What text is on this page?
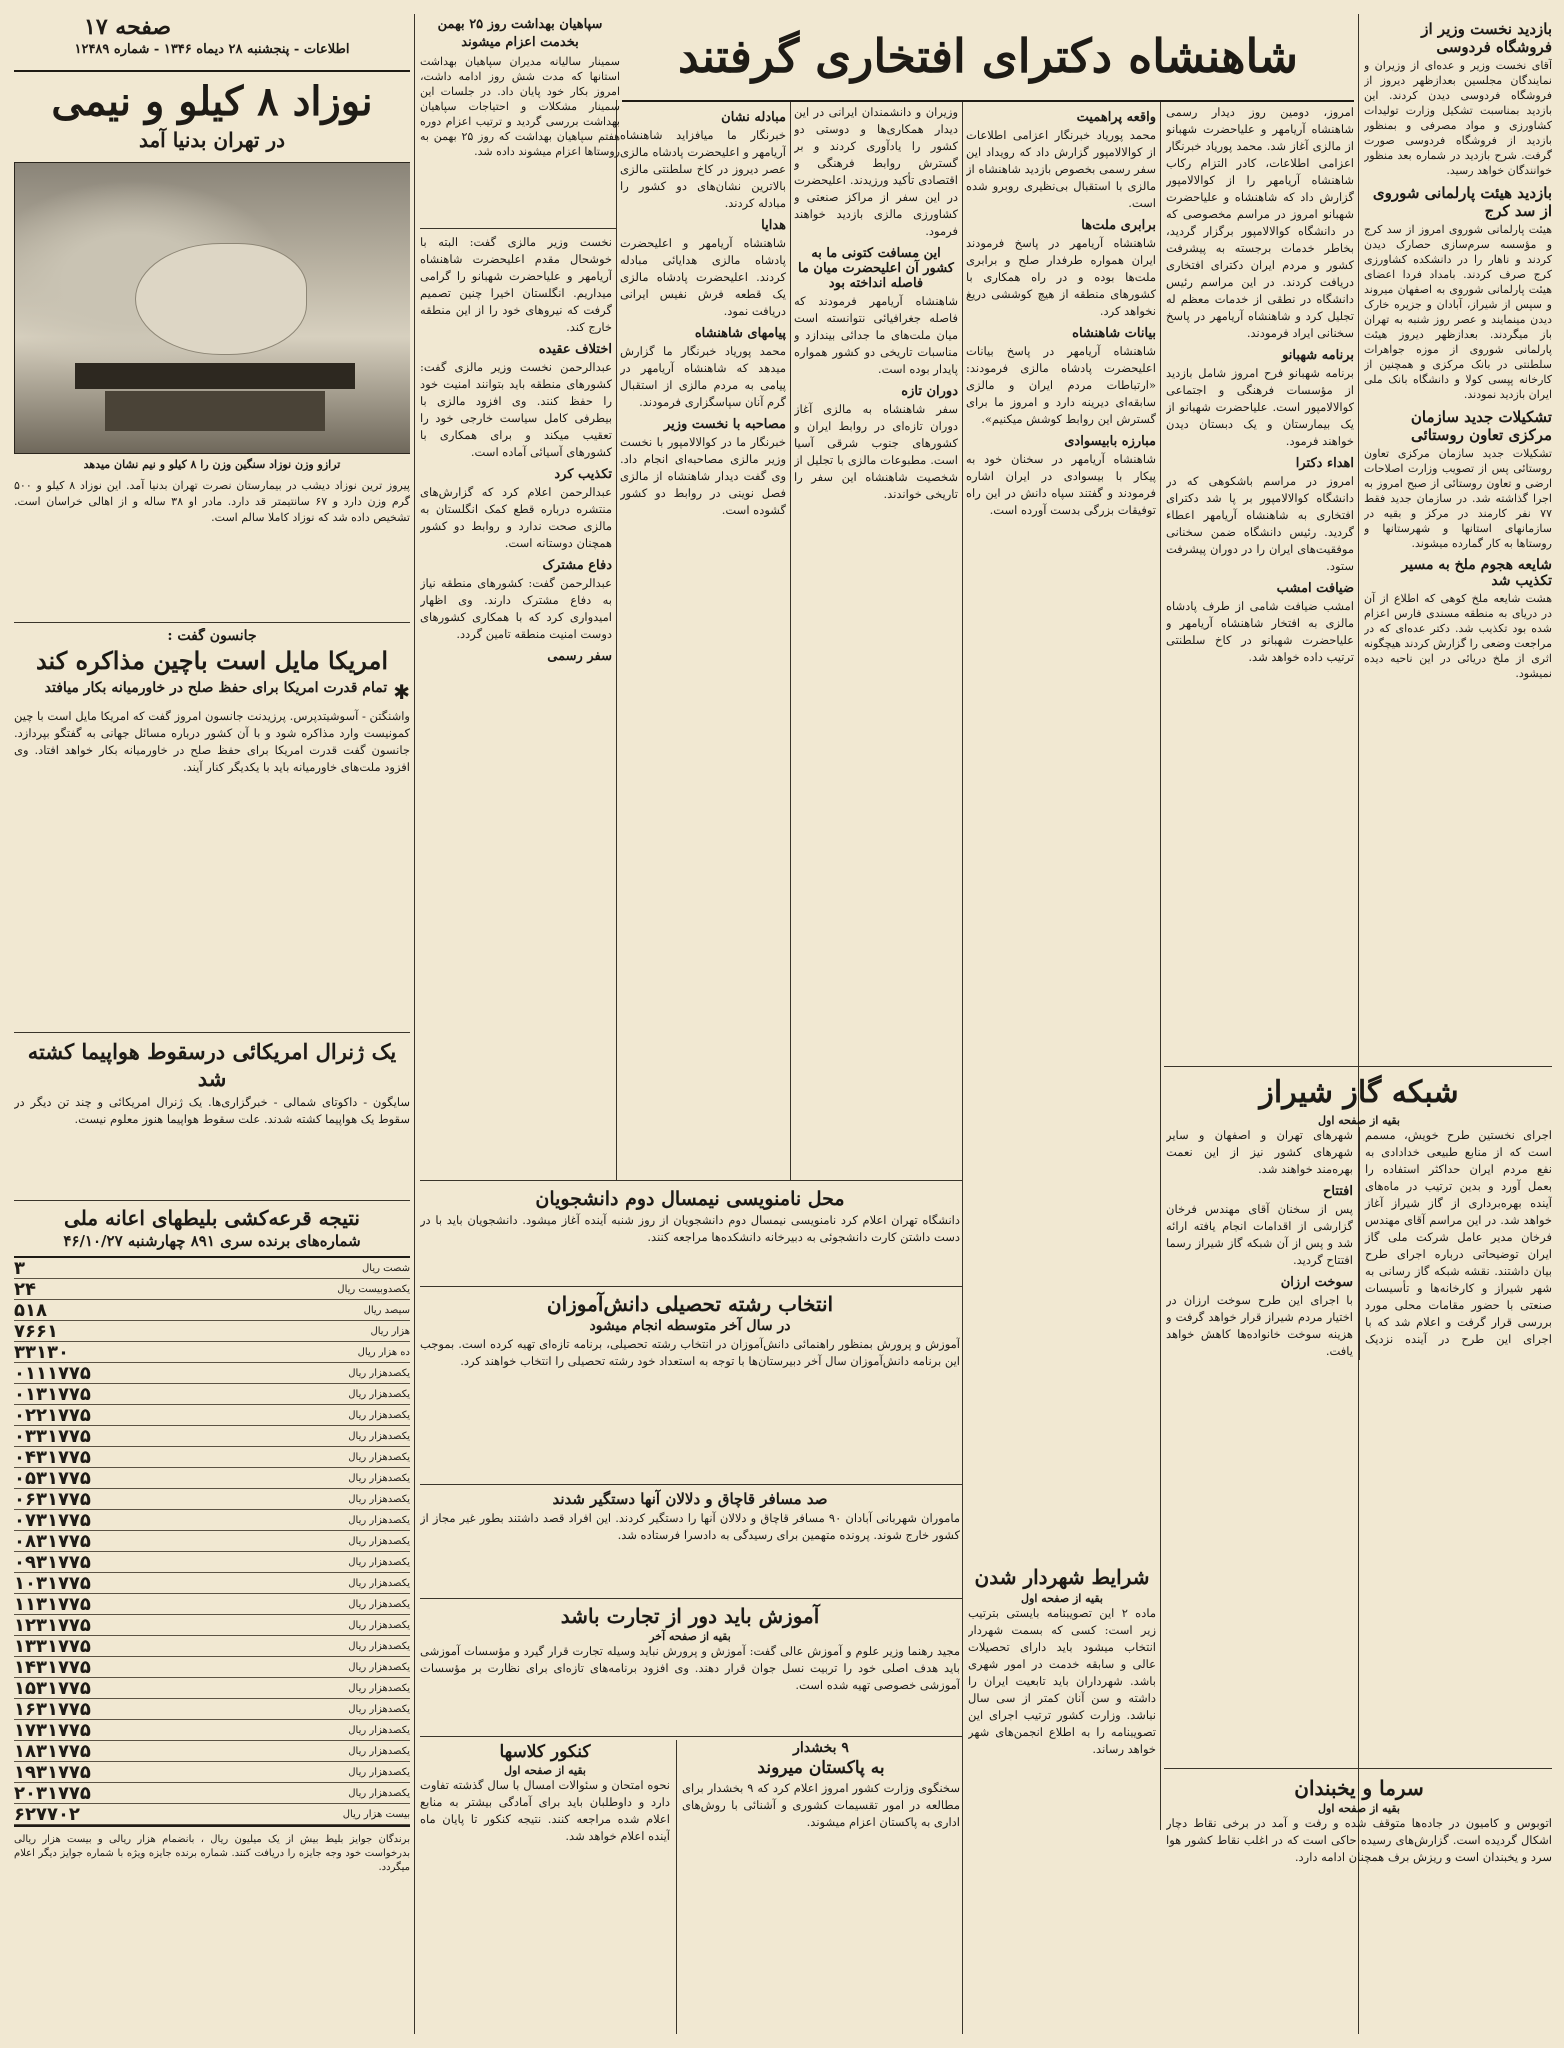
صفحه ۱۷
اطلاعات - پنجشنبه ۲۸ دیماه ۱۳۴۶ - شماره ۱۲۴۸۹
نوزاد ۸ کیلو و نیمی
در تهران بدنیا آمد
ترازو وزن نوزاد سنگین وزن را ۸ کیلو و نیم نشان میدهد

پیروز ترین نوزاد دیشب در بیمارستان نصرت تهران بدنیا آمد. این نوزاد ۸ کیلو و ۵۰۰ گرم وزن دارد و ۶۷ سانتیمتر قد دارد. مادر او ۳۸ ساله و از اهالی خراسان است. تشخیص داده شد که نوزاد کاملا سالم است.

جانسون گفت :
امریکا مایل است باچین مذاکره کند
✱
تمام قدرت امریکا برای حفظ صلح در خاورمیانه بکار میافتد

واشنگتن - آسوشیتدپرس. پرزیدنت جانسون امروز گفت که امریکا مایل است با چین کمونیست وارد مذاکره شود و با آن کشور درباره مسائل جهانی به گفتگو بپردازد. جانسون گفت قدرت امریکا برای حفظ صلح در خاورمیانه بکار خواهد افتاد. وی افزود ملت‌های خاورمیانه باید با یکدیگر کنار آیند.

یک ژنرال امریکائی درسقوط هواپیما کشته شد

سایگون - داکوتای شمالی - خبرگزاری‌ها. یک ژنرال امریکائی و چند تن دیگر در سقوط یک هواپیما کشته شدند. علت سقوط هواپیما هنوز معلوم نیست.

نتیجه قرعه‌کشی بلیطهای اعانه ملی
شماره‌های برنده سری ۸۹۱ چهارشنبه ۴۶/۱۰/۲۷
شصت ریال
۳
یکصدوبیست ریال
۲۴
سیصد ریال
۵۱۸
هزار ریال
۷۶۶۱
ده هزار ریال
۳۳۱۳۰
یکصدهزار ریال
۰۱۱۱۷۷۵
یکصدهزار ریال
۰۱۳۱۷۷۵
یکصدهزار ریال
۰۲۲۱۷۷۵
یکصدهزار ریال
۰۳۳۱۷۷۵
یکصدهزار ریال
۰۴۳۱۷۷۵
یکصدهزار ریال
۰۵۳۱۷۷۵
یکصدهزار ریال
۰۶۳۱۷۷۵
یکصدهزار ریال
۰۷۳۱۷۷۵
یکصدهزار ریال
۰۸۳۱۷۷۵
یکصدهزار ریال
۰۹۳۱۷۷۵
یکصدهزار ریال
۱۰۳۱۷۷۵
یکصدهزار ریال
۱۱۳۱۷۷۵
یکصدهزار ریال
۱۲۳۱۷۷۵
یکصدهزار ریال
۱۳۳۱۷۷۵
یکصدهزار ریال
۱۴۳۱۷۷۵
یکصدهزار ریال
۱۵۳۱۷۷۵
یکصدهزار ریال
۱۶۳۱۷۷۵
یکصدهزار ریال
۱۷۳۱۷۷۵
یکصدهزار ریال
۱۸۳۱۷۷۵
یکصدهزار ریال
۱۹۳۱۷۷۵
یکصدهزار ریال
۲۰۳۱۷۷۵
بیست هزار ریال
۶۲۷۷۰۲

برندگان جوایز بلیط بیش از یک میلیون ریال ، بانضمام هزار ریالی و بیست هزار ریالی بدرخواست خود وجه جایزه را دریافت کنند. شماره برنده جایزه ویژه با شماره جوایز دیگر اعلام میگردد.

سپاهیان بهداشت روز ۲۵ بهمن بخدمت اعزام میشوند

سمینار سالیانه مدیران سپاهیان بهداشت استانها که مدت شش روز ادامه داشت، امروز بکار خود پایان داد. در جلسات این سمینار مشکلات و احتیاجات سپاهیان بهداشت بررسی گردید و ترتیب اعزام دوره هفتم سپاهیان بهداشت که روز ۲۵ بهمن به روستاها اعزام میشوند داده شد.

شاهنشاه دکترای افتخاری گرفتند	بازدید نخست وزیر از فروشگاه فردوسی

آقای نخست وزیر و عده‌ای از وزیران و نمایندگان مجلسین بعدازظهر دیروز از فروشگاه فردوسی دیدن کردند. این بازدید بمناسبت تشکیل وزارت تولیدات کشاورزی و مواد مصرفی و بمنظور بازدید از فروشگاه فردوسی صورت گرفت. شرح بازدید در شماره بعد منظور خوانندگان خواهد رسید.

بازدید هیئت پارلمانی شوروی از سد کرج

هیئت پارلمانی شوروی امروز از سد کرج و مؤسسه سرم‌سازی حصارک دیدن کردند و ناهار را در دانشکده کشاورزی کرج صرف کردند. بامداد فردا اعضای هیئت پارلمانی شوروی به اصفهان میروند و سپس از شیراز، آبادان و جزیره خارک دیدن مینمایند و عصر روز شنبه به تهران باز میگردند. بعدازظهر دیروز هیئت پارلمانی شوروی از موزه جواهرات سلطنتی در بانک مرکزی و همچنین از کارخانه پپسی کولا و دانشگاه بانک ملی ایران بازدید نمودند.

تشکیلات جدید سازمان مرکزی تعاون روستائی

تشکیلات جدید سازمان مرکزی تعاون روستائی پس از تصویب وزارت اصلاحات ارضی و تعاون روستائی از صبح امروز به اجرا گذاشته شد. در سازمان جدید فقط ۷۷ نفر کارمند در مرکز و بقیه در سازمانهای استانها و شهرستانها و روستاها به کار گمارده میشوند.

شایعه هجوم ملخ به مسیر تکذیب شد

هشت شایعه ملخ کوهی که اطلاع از آن در دریای به منطقه مسندی فارس اعزام شده بود تکذیب شد. دکتر عده‌ای که در مراجعت وضعی را گزارش کردند هیچگونه اثری از ملخ دریائی در این ناحیه دیده نمیشود.

شبکه گاز شیراز
بقیه از صفحه اول

اجرای نخستین طرح خویش، مسمم است که از منابع طبیعی خدادادی به نفع مردم ایران حداکثر استفاده را بعمل آورد و بدین ترتیب در ماه‌های آینده بهره‌برداری از گاز شیراز آغاز خواهد شد. در این مراسم آقای مهندس فرخان مدیر عامل شرکت ملی گاز ایران توضیحاتی درباره اجرای طرح بیان داشتند. نقشه شبکه گاز رسانی به شهر شیراز و کارخانه‌ها و تأسیسات صنعتی با حضور مقامات محلی مورد بررسی قرار گرفت و اعلام شد که با اجرای این طرح در آینده نزدیک شهرهای تهران و اصفهان و سایر شهرهای کشور نیز از این نعمت بهره‌مند خواهند شد.

افتتاح

پس از سخنان آقای مهندس فرخان گزارشی از اقدامات انجام یافته ارائه شد و پس از آن شبکه گاز شیراز رسما افتتاح گردید.

سوخت ارزان

با اجرای این طرح سوخت ارزان در اختیار مردم شیراز قرار خواهد گرفت و هزینه سوخت خانواده‌ها کاهش خواهد یافت.

سرما و یخبندان
بقیه از صفحه اول

اتوبوس و کامیون در جاده‌ها متوقف شده و رفت و آمد در برخی نقاط دچار اشکال گردیده است. گزارش‌های رسیده حاکی است که در اغلب نقاط کشور هوا سرد و یخبندان است و ریزش برف همچنان ادامه دارد.

امروز، دومین روز دیدار رسمی شاهنشاه آریامهر و علیاحضرت شهبانو از مالزی آغاز شد. محمد پوریاد خبرنگار اعزامی اطلاعات، کادر التزام رکاب شاهنشاه آریامهر را از کوالالامپور گزارش داد که شاهنشاه و علیاحضرت شهبانو امروز در مراسم مخصوصی که در دانشگاه کوالالامپور برگزار گردید، بخاطر خدمات برجسته به پیشرفت کشور و مردم ایران دکترای افتخاری دریافت کردند. در این مراسم رئیس دانشگاه در نطقی از خدمات معظم له تجلیل کرد و شاهنشاه آریامهر در پاسخ سخنانی ایراد فرمودند.

برنامه شهبانو

برنامه شهبانو فرح امروز شامل بازدید از مؤسسات فرهنگی و اجتماعی کوالالامپور است. علیاحضرت شهبانو از یک بیمارستان و یک دبستان دیدن خواهند فرمود.

اهداء دکترا

امروز در مراسم باشکوهی که در دانشگاه کوالالامپور بر پا شد دکترای افتخاری به شاهنشاه آریامهر اعطاء گردید. رئیس دانشگاه ضمن سخنانی موفقیت‌های ایران را در دوران پیشرفت ستود.

ضیافت امشب

امشب ضیافت شامی از طرف پادشاه مالزی به افتخار شاهنشاه آریامهر و علیاحضرت شهبانو در کاخ سلطنتی ترتیب داده خواهد شد.

واقعه پراهمیت

محمد پوریاد خبرنگار اعزامی اطلاعات از کوالالامپور گزارش داد که رویداد این سفر رسمی بخصوص بازدید شاهنشاه از مالزی با استقبال بی‌نظیری روبرو شده است.

برابری ملت‌ها

شاهنشاه آریامهر در پاسخ فرمودند ایران همواره طرفدار صلح و برابری ملت‌ها بوده و در راه همکاری با کشورهای منطقه از هیچ کوششی دریغ نخواهد کرد.

بیانات شاهنشاه

شاهنشاه آریامهر در پاسخ بیانات اعلیحضرت پادشاه مالزی فرمودند: «ارتباطات مردم ایران و مالزی سابقه‌ای دیرینه دارد و امروز ما برای گسترش این روابط کوشش میکنیم».

مبارزه بابیسوادی

شاهنشاه آریامهر در سخنان خود به پیکار با بیسوادی در ایران اشاره فرمودند و گفتند سپاه دانش در این راه توفیقات بزرگی بدست آورده است.

وزیران و دانشمندان ایرانی در این دیدار همکاری‌ها و دوستی دو کشور را یادآوری کردند و بر گسترش روابط فرهنگی و اقتصادی تأکید ورزیدند. اعلیحضرت در این سفر از مراکز صنعتی و کشاورزی مالزی بازدید خواهند فرمود.

این مسافت کتونی ما به کشور آن اعلیحضرت میان ما فاصله انداخته بود

شاهنشاه آریامهر فرمودند که فاصله جغرافیائی نتوانسته است میان ملت‌های ما جدائی بیندازد و مناسبات تاریخی دو کشور همواره پایدار بوده است.

دوران تازه

سفر شاهنشاه به مالزی آغاز دوران تازه‌ای در روابط ایران و کشورهای جنوب شرقی آسیا است. مطبوعات مالزی با تجلیل از شخصیت شاهنشاه این سفر را تاریخی خواندند.

مبادله نشان

خبرنگار ما میافزاید شاهنشاه آریامهر و اعلیحضرت پادشاه مالزی عصر دیروز در کاخ سلطنتی مالزی بالاترین نشان‌های دو کشور را مبادله کردند.

هدایا

شاهنشاه آریامهر و اعلیحضرت پادشاه مالزی هدایائی مبادله کردند. اعلیحضرت پادشاه مالزی یک قطعه فرش نفیس ایرانی دریافت نمود.

پیامهای شاهنشاه

محمد پوریاد خبرنگار ما گزارش میدهد که شاهنشاه آریامهر در پیامی به مردم مالزی از استقبال گرم آنان سپاسگزاری فرمودند.

مصاحبه با نخست وزیر

خبرنگار ما در کوالالامپور با نخست وزیر مالزی مصاحبه‌ای انجام داد. وی گفت دیدار شاهنشاه از مالزی فصل نوینی در روابط دو کشور گشوده است.

نخست وزیر مالزی گفت: البته با خوشحال مقدم اعلیحضرت شاهنشاه آریامهر و علیاحضرت شهبانو را گرامی میداریم. انگلستان اخیرا چنین تصمیم گرفت که نیروهای خود را از این منطقه خارج کند.

اختلاف عقیده

عبدالرحمن نخست وزیر مالزی گفت: کشورهای منطقه باید بتوانند امنیت خود را حفظ کنند. وی افزود مالزی با بیطرفی کامل سیاست خارجی خود را تعقیب میکند و برای همکاری با کشورهای آسیائی آماده است.

تکذیب کرد

عبدالرحمن اعلام کرد که گزارش‌های منتشره درباره قطع کمک انگلستان به مالزی صحت ندارد و روابط دو کشور همچنان دوستانه است.

دفاع مشترک

عبدالرحمن گفت: کشورهای منطقه نیاز به دفاع مشترک دارند. وی اظهار امیدواری کرد که با همکاری کشورهای دوست امنیت منطقه تامین گردد.

سفر رسمی
محل نامنویسی نیمسال دوم دانشجویان

دانشگاه تهران اعلام کرد نامنویسی نیمسال دوم دانشجویان از روز شنبه آینده آغاز میشود. دانشجویان باید با در دست داشتن کارت دانشجوئی به دبیرخانه دانشکده‌ها مراجعه کنند.

انتخاب رشته تحصیلی دانش‌آموزان
در سال آخر متوسطه انجام میشود

آموزش و پرورش بمنظور راهنمائی دانش‌آموزان در انتخاب رشته تحصیلی، برنامه تازه‌ای تهیه کرده است. بموجب این برنامه دانش‌آموزان سال آخر دبیرستان‌ها با توجه به استعداد خود رشته تحصیلی را انتخاب خواهند کرد.

صد مسافر قاچاق و دلالان آنها دستگیر شدند

ماموران شهربانی آبادان ۹۰ مسافر قاچاق و دلالان آنها را دستگیر کردند. این افراد قصد داشتند بطور غیر مجاز از کشور خارج شوند. پرونده متهمین برای رسیدگی به دادسرا فرستاده شد.

آموزش باید دور از تجارت باشد
بقیه از صفحه آخر

مجید رهنما وزیر علوم و آموزش عالی گفت: آموزش و پرورش نباید وسیله تجارت قرار گیرد و مؤسسات آموزشی باید هدف اصلی خود را تربیت نسل جوان قرار دهند. وی افزود برنامه‌های تازه‌ای برای نظارت بر مؤسسات آموزشی خصوصی تهیه شده است.

کنکور کلاسها
بقیه از صفحه اول

نحوه امتحان و سئوالات امسال با سال گذشته تفاوت دارد و داوطلبان باید برای آمادگی بیشتر به منابع اعلام شده مراجعه کنند. نتیجه کنکور تا پایان ماه آینده اعلام خواهد شد.

۹ بخشدار
به پاکستان میروند

سخنگوی وزارت کشور امروز اعلام کرد که ۹ بخشدار برای مطالعه در امور تقسیمات کشوری و آشنائی با روش‌های اداری به پاکستان اعزام میشوند.

شرایط شهردار شدن
بقیه از صفحه اول

ماده ۲ این تصویبنامه بایستی بترتیب زیر است: کسی که بسمت شهردار انتخاب میشود باید دارای تحصیلات عالی و سابقه خدمت در امور شهری باشد. شهرداران باید تابعیت ایران را داشته و سن آنان کمتر از سی سال نباشد. وزارت کشور ترتیب اجرای این تصویبنامه را به اطلاع انجمن‌های شهر خواهد رساند.
